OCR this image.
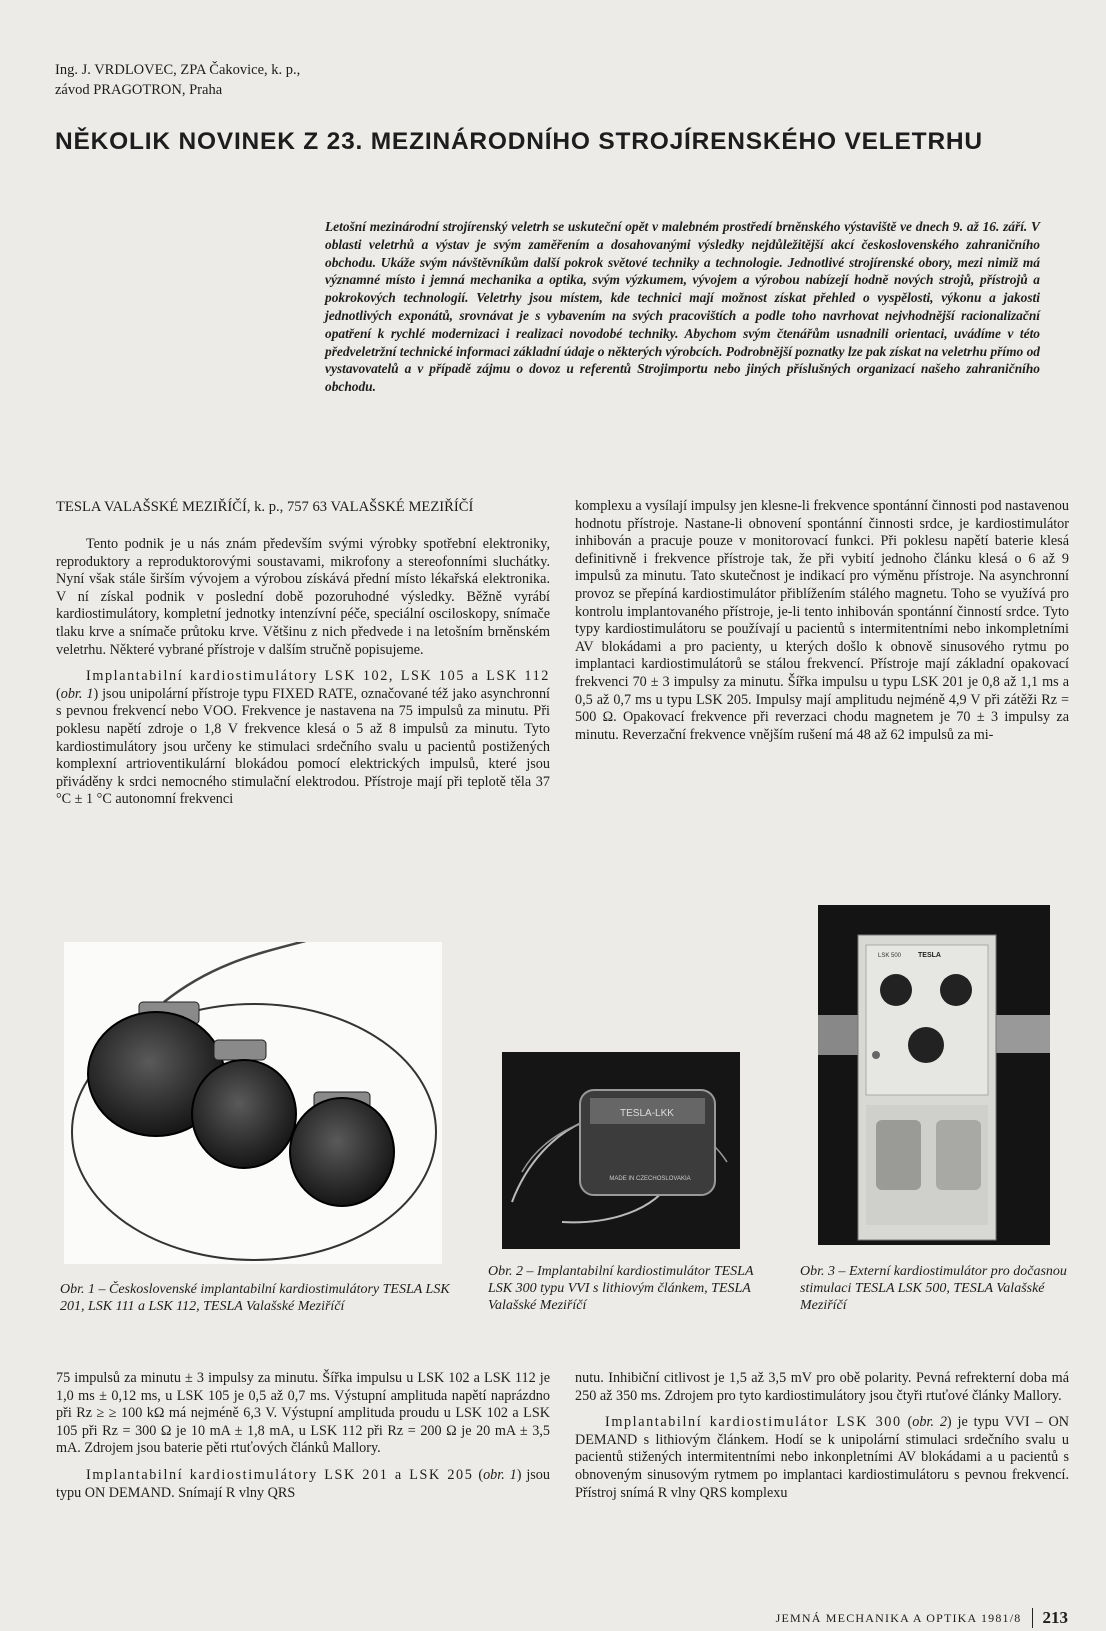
Ing. J. VRDLOVEC, ZPA Čakovice, k. p.,
závod PRAGOTRON, Praha
NĚKOLIK NOVINEK Z 23. MEZINÁRODNÍHO STROJÍRENSKÉHO VELETRHU
Letošní mezinárodní strojírenský veletrh se uskuteční opět v malebném prostředí brněnského výstaviště ve dnech 9. až 16. září. V oblasti veletrhů a výstav je svým zaměřením a dosahovanými výsledky nejdůležitější akcí československého zahraničního obchodu. Ukáže svým návštěvníkům další pokrok světové techniky a technologie. Jednotlivé strojírenské obory, mezi nimiž má významné místo i jemná mechanika a optika, svým výzkumem, vývojem a výrobou nabízejí hodně nových strojů, přístrojů a pokrokových technologií. Veletrhy jsou místem, kde technici mají možnost získat přehled o vyspělosti, výkonu a jakosti jednotlivých exponátů, srovnávat je s vybavením na svých pracovištích a podle toho navrhovat nejvhodnější racionalizační opatření k rychlé modernizaci i realizaci novodobé techniky. Abychom svým čtenářům usnadnili orientaci, uvádíme v této předveletržní technické informaci základní údaje o některých výrobcích. Podrobnější poznatky lze pak získat na veletrhu přímo od vystavovatelů a v případě zájmu o dovoz u referentů Strojimportu nebo jiných příslušných organizací našeho zahraničního obchodu.
TESLA VALAŠSKÉ MEZIŘÍČÍ, k. p., 757 63 VALAŠSKÉ MEZIŘÍČÍ

Tento podnik je u nás znám především svými výrobky spotřební elektroniky, reproduktory a reproduktorovými soustavami, mikrofony a stereofonními sluchátky. Nyní však stále širším vývojem a výrobou získává přední místo lékařská elektronika. V ní získal podnik v poslední době pozoruhodné výsledky. Běžně vyrábí kardiostimulátory, kompletní jednotky intenzívní péče, speciální osciloskopy, snímače tlaku krve a snímače průtoku krve. Většinu z nich předvede i na letošním brněnském veletrhu. Některé vybrané přístroje v dalším stručně popisujeme.

Implantabilní kardiostimulátory LSK 102, LSK 105 a LSK 112 (obr. 1) jsou unipolární přístroje typu FIXED RATE, označované též jako asynchronní s pevnou frekvencí nebo VOO. Frekvence je nastavena na 75 impulsů za minutu. Při poklesu napětí zdroje o 1,8 V frekvence klesá o 5 až 8 impulsů za minutu. Tyto kardiostimulátory jsou určeny ke stimulaci srdečního svalu u pacientů postižených komplexní artrioventikulární blokádou pomocí elektrických impulsů, které jsou přiváděny k srdci nemocného stimulační elektrodou. Přístroje mají při teplotě těla 37 °C ± 1 °C autonomní frekvenci

komplexu a vysílají impulsy jen klesne-li frekvence spontánní činnosti pod nastavenou hodnotu přístroje. Nastane-li obnovení spontánní činnosti srdce, je kardiostimulátor inhibován a pracuje pouze v monitorovací funkci. Při poklesu napětí baterie klesá definitivně i frekvence přístroje tak, že při vybití jednoho článku klesá o 6 až 9 impulsů za minutu. Tato skutečnost je indikací pro výměnu přístroje. Na asynchronní provoz se přepíná kardiostimulátor přiblížením stálého magnetu. Toho se využívá pro kontrolu implantovaného přístroje, je-li tento inhibován spontánní činností srdce. Tyto typy kardiostimulátoru se používají u pacientů s intermitentními nebo inkompletními AV blokádami a pro pacienty, u kterých došlo k obnově sinusového rytmu po implantaci kardiostimulátorů se stálou frekvencí. Přístroje mají základní opakovací frekvenci 70 ± 3 impulsy za minutu. Šířka impulsu u typu LSK 201 je 0,8 až 1,1 ms a 0,5 až 0,7 ms u typu LSK 205. Impulsy mají amplitudu nejméně 4,9 V při zátěži Rz = 500 Ω. Opakovací frekvence při reverzaci chodu magnetem je 70 ± 3 impulsy za minutu. Reverzační frekvence vnějším rušení má 48 až 62 impulsů za mi-

TESLA-LKK
MADE IN CZECHOSLOVAKIA
LSK 500 TESLA
Obr. 1 – Československé implantabilní kardiostimulátory TESLA LSK 201, LSK 111 a LSK 112, TESLA Valašské Meziříčí
Obr. 2 – Implantabilní kardiostimulátor TESLA LSK 300 typu VVI s lithiovým článkem, TESLA Valašské Meziříčí
Obr. 3 – Externí kardiostimulátor pro dočasnou stimulaci TESLA LSK 500, TESLA Valašské Meziříčí

75 impulsů za minutu ± 3 impulsy za minutu. Šířka impulsu u LSK 102 a LSK 112 je 1,0 ms ± 0,12 ms, u LSK 105 je 0,5 až 0,7 ms. Výstupní amplituda napětí naprázdno při Rz ≥ ≥ 100 kΩ má nejméně 6,3 V. Výstupní amplituda proudu u LSK 102 a LSK 105 při Rz = 300 Ω je 10 mA ± 1,8 mA, u LSK 112 při Rz = 200 Ω je 20 mA ± 3,5 mA. Zdrojem jsou baterie pěti rtuťových článků Mallory.

Implantabilní kardiostimulátory LSK 201 a LSK 205 (obr. 1) jsou typu ON DEMAND. Snímají R vlny QRS

nutu. Inhibiční citlivost je 1,5 až 3,5 mV pro obě polarity. Pevná refrekterní doba má 250 až 350 ms. Zdrojem pro tyto kardiostimulátory jsou čtyři rtuťové články Mallory.

Implantabilní kardiostimulátor LSK 300 (obr. 2) je typu VVI – ON DEMAND s lithiovým článkem. Hodí se k unipolární stimulaci srdečního svalu u pacientů stižených intermitentními nebo inkonpletními AV blokádami a u pacientů s obnoveným sinusovým rytmem po implantaci kardiostimulátoru s pevnou frekvencí. Přístroj snímá R vlny QRS komplexu

JEMNÁ MECHANIKA A OPTIKA 1981/8 213
